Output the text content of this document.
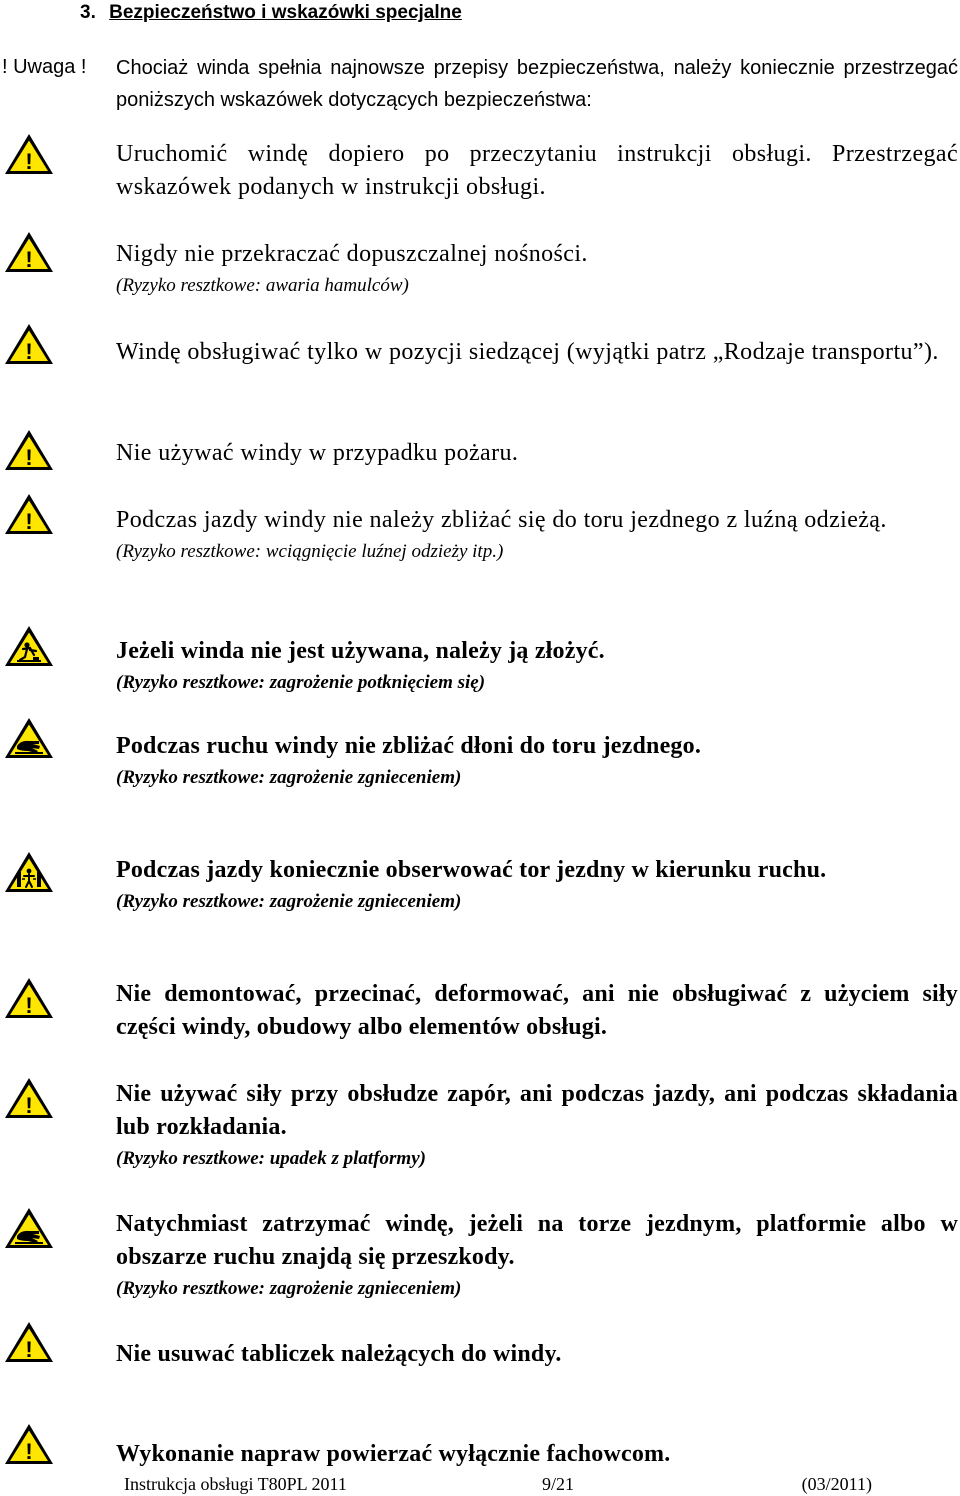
3. Bezpieczeństwo i wskazówki specjalne
! Uwaga ! Chociaż winda spełnia najnowsze przepisy bezpieczeństwa, należy koniecznie przestrzegać poniższych wskazówek dotyczących bezpieczeństwa:
!	Uruchomić windę dopiero po przeczytaniu instrukcji obsługi. Przestrzegać wskazówek podanych w instrukcji obsługi.
!	Nigdy nie przekraczać dopuszczalnej nośności.
(Ryzyko resztkowe: awaria hamulców)
!	Windę obsługiwać tylko w pozycji siedzącej (wyjątki patrz „Rodzaje transportu”).
!	Nie używać windy w przypadku pożaru.
!	Podczas jazdy windy nie należy zbliżać się do toru jezdnego z luźną odzieżą.
(Ryzyko resztkowe: wciągnięcie luźnej odzieży itp.)
Jeżeli winda nie jest używana, należy ją złożyć.
(Ryzyko resztkowe: zagrożenie potknięciem się)
Podczas ruchu windy nie zbliżać dłoni do toru jezdnego.
(Ryzyko resztkowe: zagrożenie zgnieceniem)
Podczas jazdy koniecznie obserwować tor jezdny w kierunku ruchu.
(Ryzyko resztkowe: zagrożenie zgnieceniem)
!	Nie demontować, przecinać, deformować, ani nie obsługiwać z użyciem siły części windy, obudowy albo elementów obsługi.
!	Nie używać siły przy obsłudze zapór, ani podczas jazdy, ani podczas składania lub rozkładania.
(Ryzyko resztkowe: upadek z platformy)
Natychmiast zatrzymać windę, jeżeli na torze jezdnym, platformie albo w obszarze ruchu znajdą się przeszkody.
(Ryzyko resztkowe: zagrożenie zgnieceniem)
!	Nie usuwać tabliczek należących do windy.
!	Wykonanie napraw powierzać wyłącznie fachowcom.
Instrukcja obsługi T80PL 2011	9/21	(03/2011)
